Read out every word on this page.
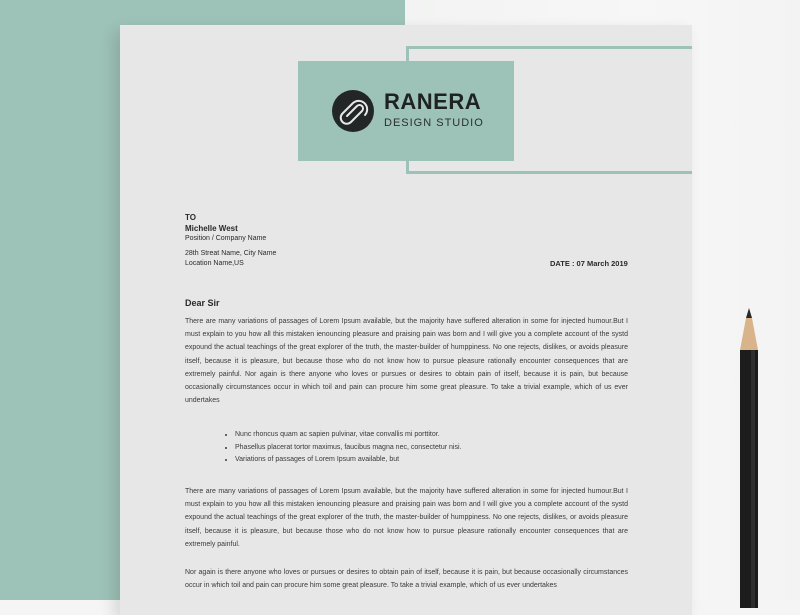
RANERA
DESIGN STUDIO
TO
Michelle West
Position / Company Name
28th Streat Name, City Name
Location Name,US	DATE : 07 March 2019
Dear Sir

There are many variations of passages of Lorem Ipsum available, but the majority have suffered alteration in some for injected humour.But I must explain to you how all this mistaken ienouncing pleasure and praising pain was born and I will give you a complete account of the systd expound the actual teachings of the great explorer of the truth, the master-builder of humppiness. No one rejects, dislikes, or avoids pleasure itself, because it is pleasure, but because those who do not know how to pursue pleasure rationally encounter consequences that are extremely painful. Nor again is there anyone who loves or pursues or desires to obtain pain of itself, because it is pain, but because occasionally circumstances occur in which toil and pain can procure him some great pleasure. To take a trivial example, which of us ever undertakes

• Nunc rhoncus quam ac sapien pulvinar, vitae convallis mi porttitor.
• Phasellus placerat tortor maximus, faucibus magna nec, consectetur nisi.
• Variations of passages of Lorem Ipsum available, but

There are many variations of passages of Lorem Ipsum available, but the majority have suffered alteration in some for injected humour.But I must explain to you how all this mistaken ienouncing pleasure and praising pain was born and I will give you a complete account of the systd expound the actual teachings of the great explorer of the truth, the master-builder of humppiness. No one rejects, dislikes, or avoids pleasure itself, because it is pleasure, but because those who do not know how to pursue pleasure rationally encounter consequences that are extremely painful.

Nor again is there anyone who loves or pursues or desires to obtain pain of itself, because it is pain, but because occasionally circumstances occur in which toil and pain can procure him some great pleasure. To take a trivial example, which of us ever undertakes
